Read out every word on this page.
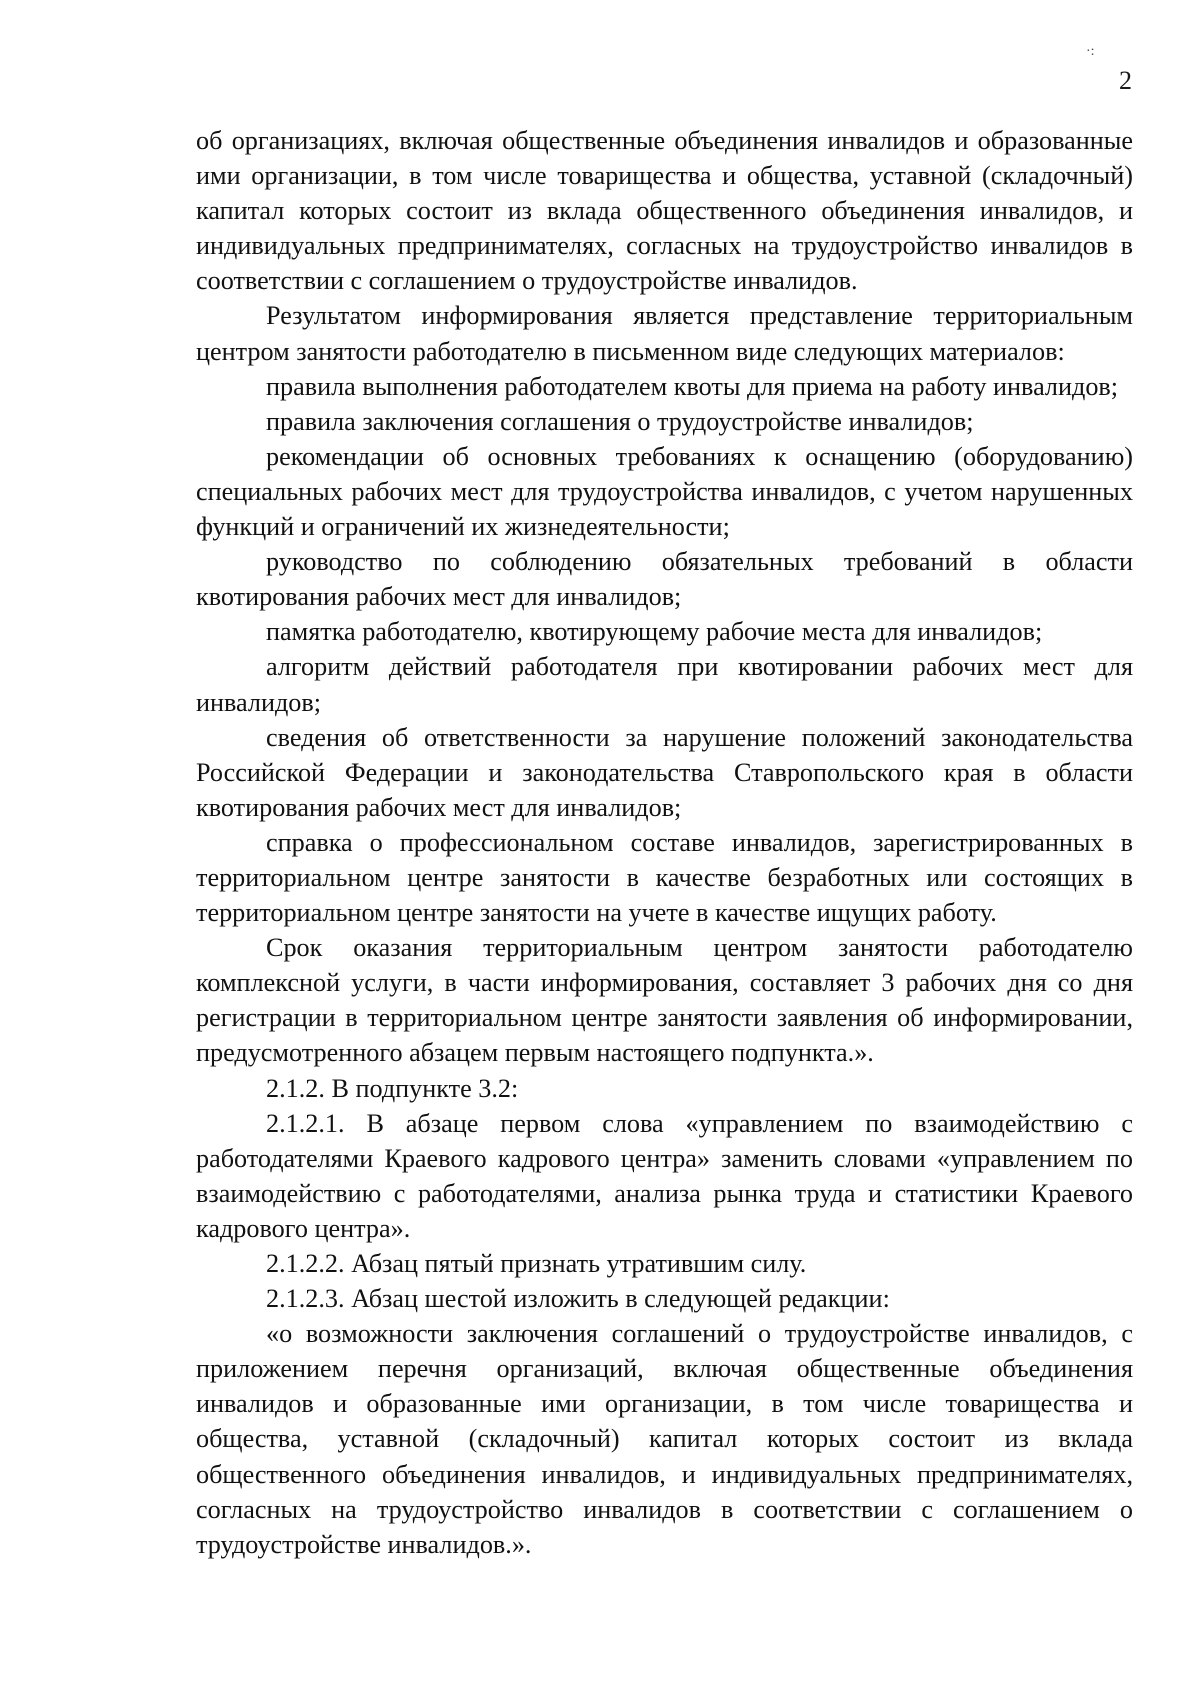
·:
2

об организациях, включая общественные объединения инвалидов и образованные ими организации, в том числе товарищества и общества, уставной (складочный) капитал которых состоит из вклада общественного объединения инвалидов, и индивидуальных предпринимателях, согласных на трудоустройство инвалидов в соответствии с соглашением о трудоустройстве инвалидов.

Результатом информирования является представление территориальным центром занятости работодателю в письменном виде следующих материалов:

правила выполнения работодателем квоты для приема на работу инвалидов;

правила заключения соглашения о трудоустройстве инвалидов;

рекомендации об основных требованиях к оснащению (оборудованию) специальных рабочих мест для трудоустройства инвалидов, с учетом нарушенных функций и ограничений их жизнедеятельности;

руководство по соблюдению обязательных требований в области квотирования рабочих мест для инвалидов;

памятка работодателю, квотирующему рабочие места для инвалидов;

алгоритм действий работодателя при квотировании рабочих мест для инвалидов;

сведения об ответственности за нарушение положений законодательства Российской Федерации и законодательства Ставропольского края в области квотирования рабочих мест для инвалидов;

справка о профессиональном составе инвалидов, зарегистрированных в территориальном центре занятости в качестве безработных или состоящих в территориальном центре занятости на учете в качестве ищущих работу.

Срок оказания территориальным центром занятости работодателю комплексной услуги, в части информирования, составляет 3 рабочих дня со дня регистрации в территориальном центре занятости заявления об информировании, предусмотренного абзацем первым настоящего подпункта.».

2.1.2. В подпункте 3.2:

2.1.2.1. В абзаце первом слова «управлением по взаимодействию с работодателями Краевого кадрового центра» заменить словами «управлением по взаимодействию с работодателями, анализа рынка труда и статистики Краевого кадрового центра».

2.1.2.2. Абзац пятый признать утратившим силу.

2.1.2.3. Абзац шестой изложить в следующей редакции:

«о возможности заключения соглашений о трудоустройстве инвалидов, с приложением перечня организаций, включая общественные объединения инвалидов и образованные ими организации, в том числе товарищества и общества, уставной (складочный) капитал которых состоит из вклада общественного объединения инвалидов, и индивидуальных предпринимателях, согласных на трудоустройство инвалидов в соответствии с соглашением о трудоустройстве инвалидов.».
